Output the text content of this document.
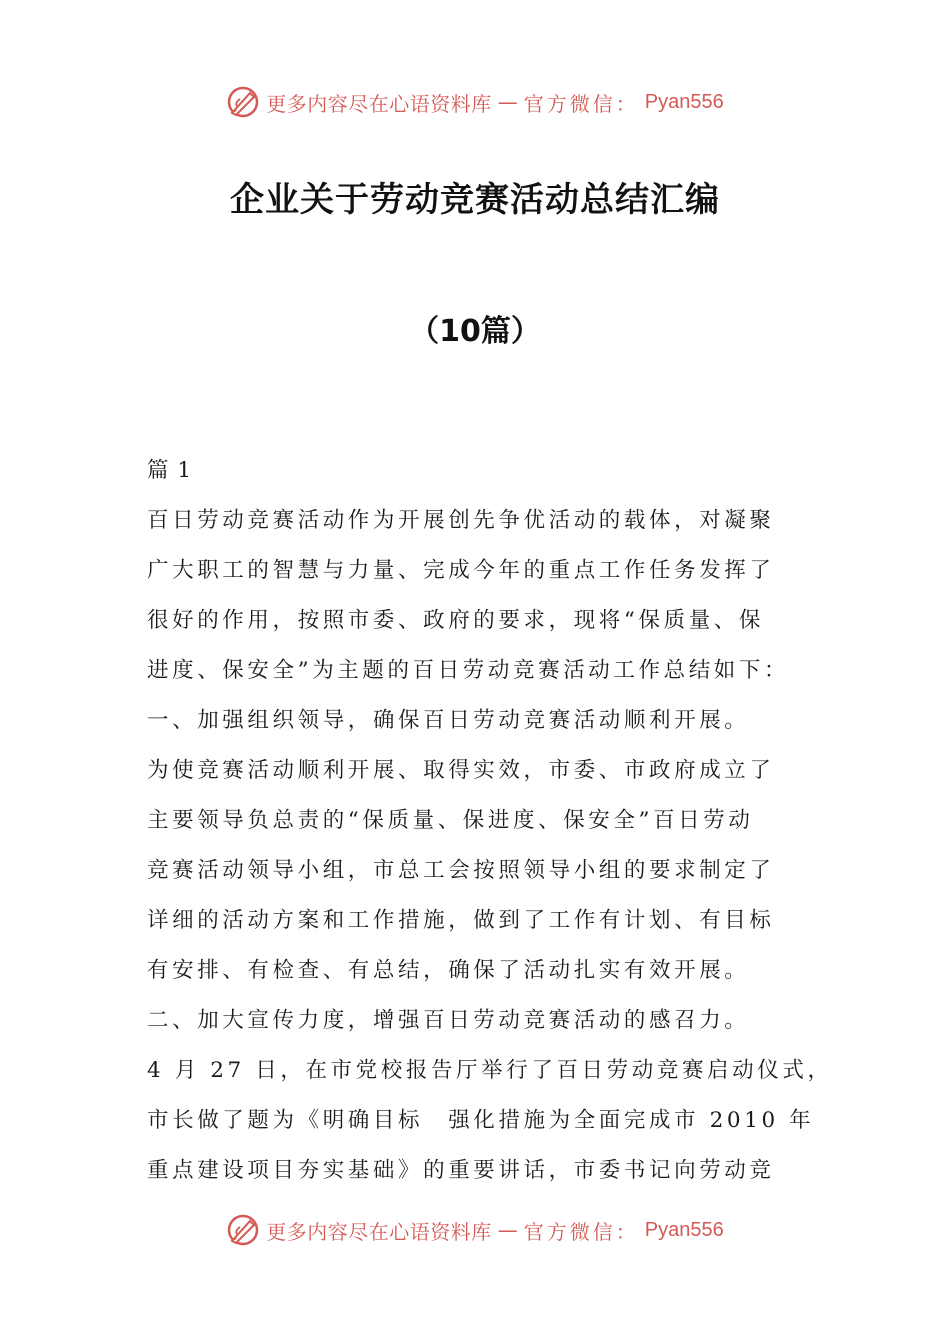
更多内容尽在心语资料库 — 官方微信： Pyan556
企业关于劳动竞赛活动总结汇编
（10篇）
篇 1
百日劳动竞赛活动作为开展创先争优活动的载体，对凝聚
广大职工的智慧与力量、完成今年的重点工作任务发挥了
很好的作用，按照市委、政府的要求，现将“保质量、保
进度、保安全”为主题的百日劳动竞赛活动工作总结如下：
一、加强组织领导，确保百日劳动竞赛活动顺利开展。
为使竞赛活动顺利开展、取得实效，市委、市政府成立了
主要领导负总责的“保质量、保进度、保安全”百日劳动
竞赛活动领导小组，市总工会按照领导小组的要求制定了
详细的活动方案和工作措施，做到了工作有计划、有目标
有安排、有检查、有总结，确保了活动扎实有效开展。
二、加大宣传力度，增强百日劳动竞赛活动的感召力。
4 月 27 日，在市党校报告厅举行了百日劳动竞赛启动仪式，
市长做了题为《明确目标　强化措施为全面完成市 2010 年
重点建设项目夯实基础》的重要讲话，市委书记向劳动竞
更多内容尽在心语资料库 — 官方微信： Pyan556
